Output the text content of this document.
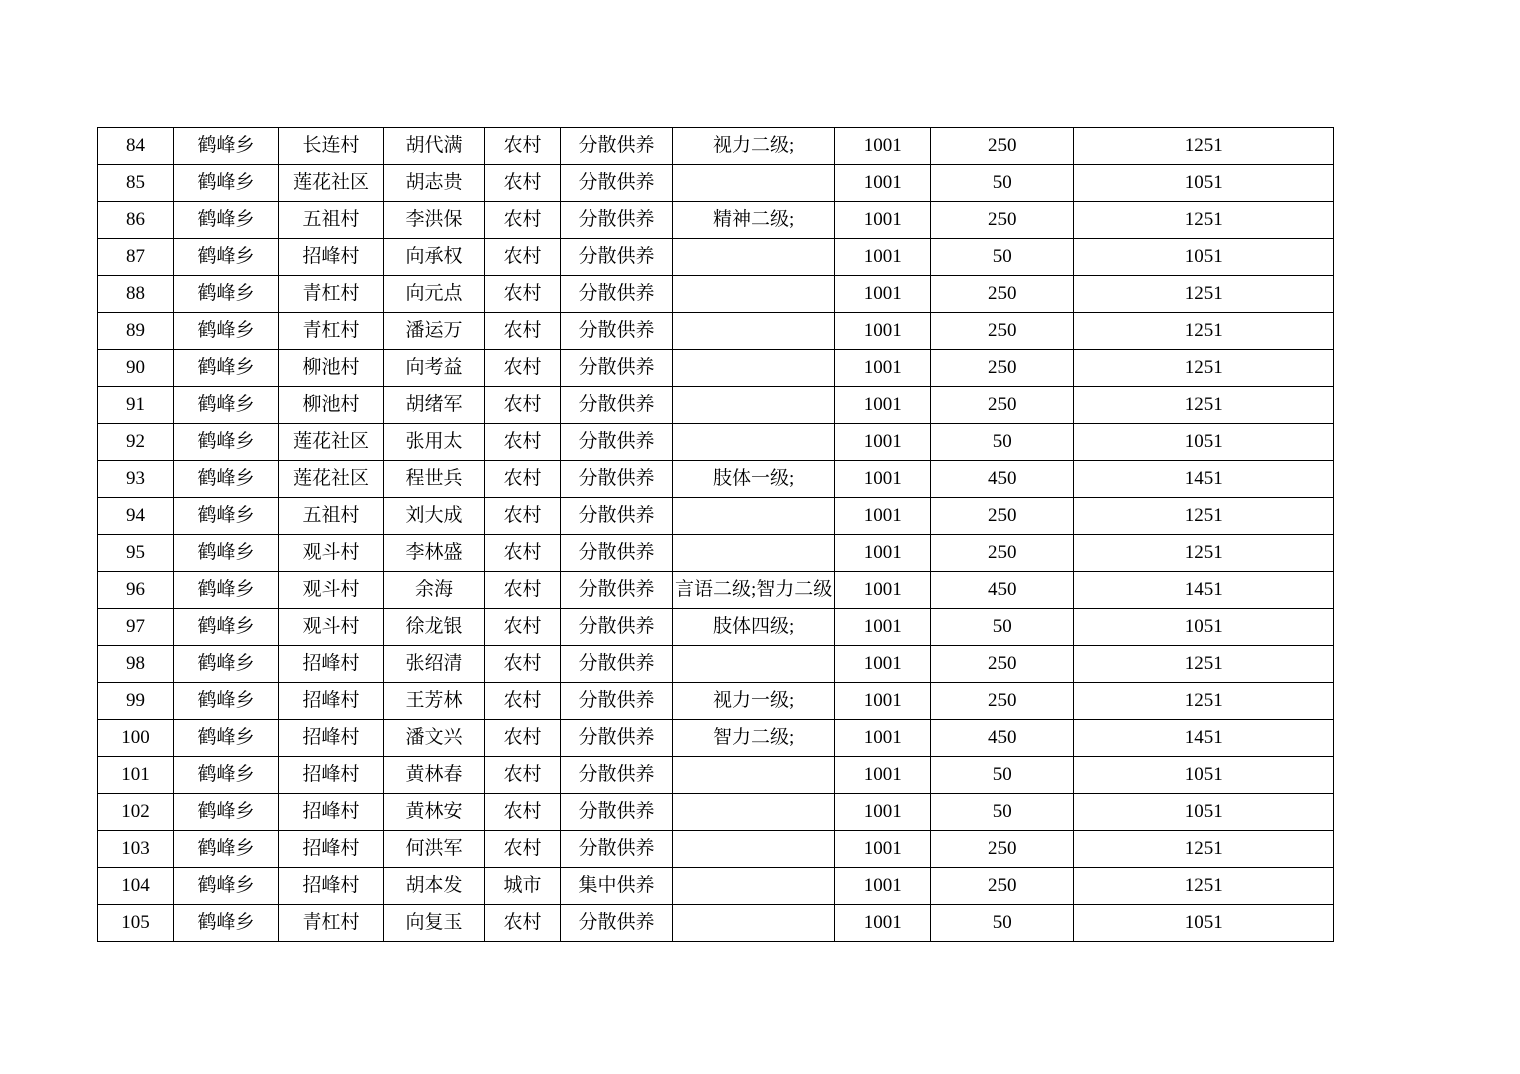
84	鹤峰乡	长连村	胡代满	农村	分散供养	视力二级;	1001	250	1251
85	鹤峰乡	莲花社区	胡志贵	农村	分散供养		1001	50	1051
86	鹤峰乡	五祖村	李洪保	农村	分散供养	精神二级;	1001	250	1251
87	鹤峰乡	招峰村	向承权	农村	分散供养		1001	50	1051
88	鹤峰乡	青杠村	向元点	农村	分散供养		1001	250	1251
89	鹤峰乡	青杠村	潘运万	农村	分散供养		1001	250	1251
90	鹤峰乡	柳池村	向考益	农村	分散供养		1001	250	1251
91	鹤峰乡	柳池村	胡绪军	农村	分散供养		1001	250	1251
92	鹤峰乡	莲花社区	张用太	农村	分散供养		1001	50	1051
93	鹤峰乡	莲花社区	程世兵	农村	分散供养	肢体一级;	1001	450	1451
94	鹤峰乡	五祖村	刘大成	农村	分散供养		1001	250	1251
95	鹤峰乡	观斗村	李林盛	农村	分散供养		1001	250	1251
96	鹤峰乡	观斗村	余海	农村	分散供养	言语二级;智力二级	1001	450	1451
97	鹤峰乡	观斗村	徐龙银	农村	分散供养	肢体四级;	1001	50	1051
98	鹤峰乡	招峰村	张绍清	农村	分散供养		1001	250	1251
99	鹤峰乡	招峰村	王芳林	农村	分散供养	视力一级;	1001	250	1251
100	鹤峰乡	招峰村	潘文兴	农村	分散供养	智力二级;	1001	450	1451
101	鹤峰乡	招峰村	黄林春	农村	分散供养		1001	50	1051
102	鹤峰乡	招峰村	黄林安	农村	分散供养		1001	50	1051
103	鹤峰乡	招峰村	何洪军	农村	分散供养		1001	250	1251
104	鹤峰乡	招峰村	胡本发	城市	集中供养		1001	250	1251
105	鹤峰乡	青杠村	向复玉	农村	分散供养		1001	50	1051
